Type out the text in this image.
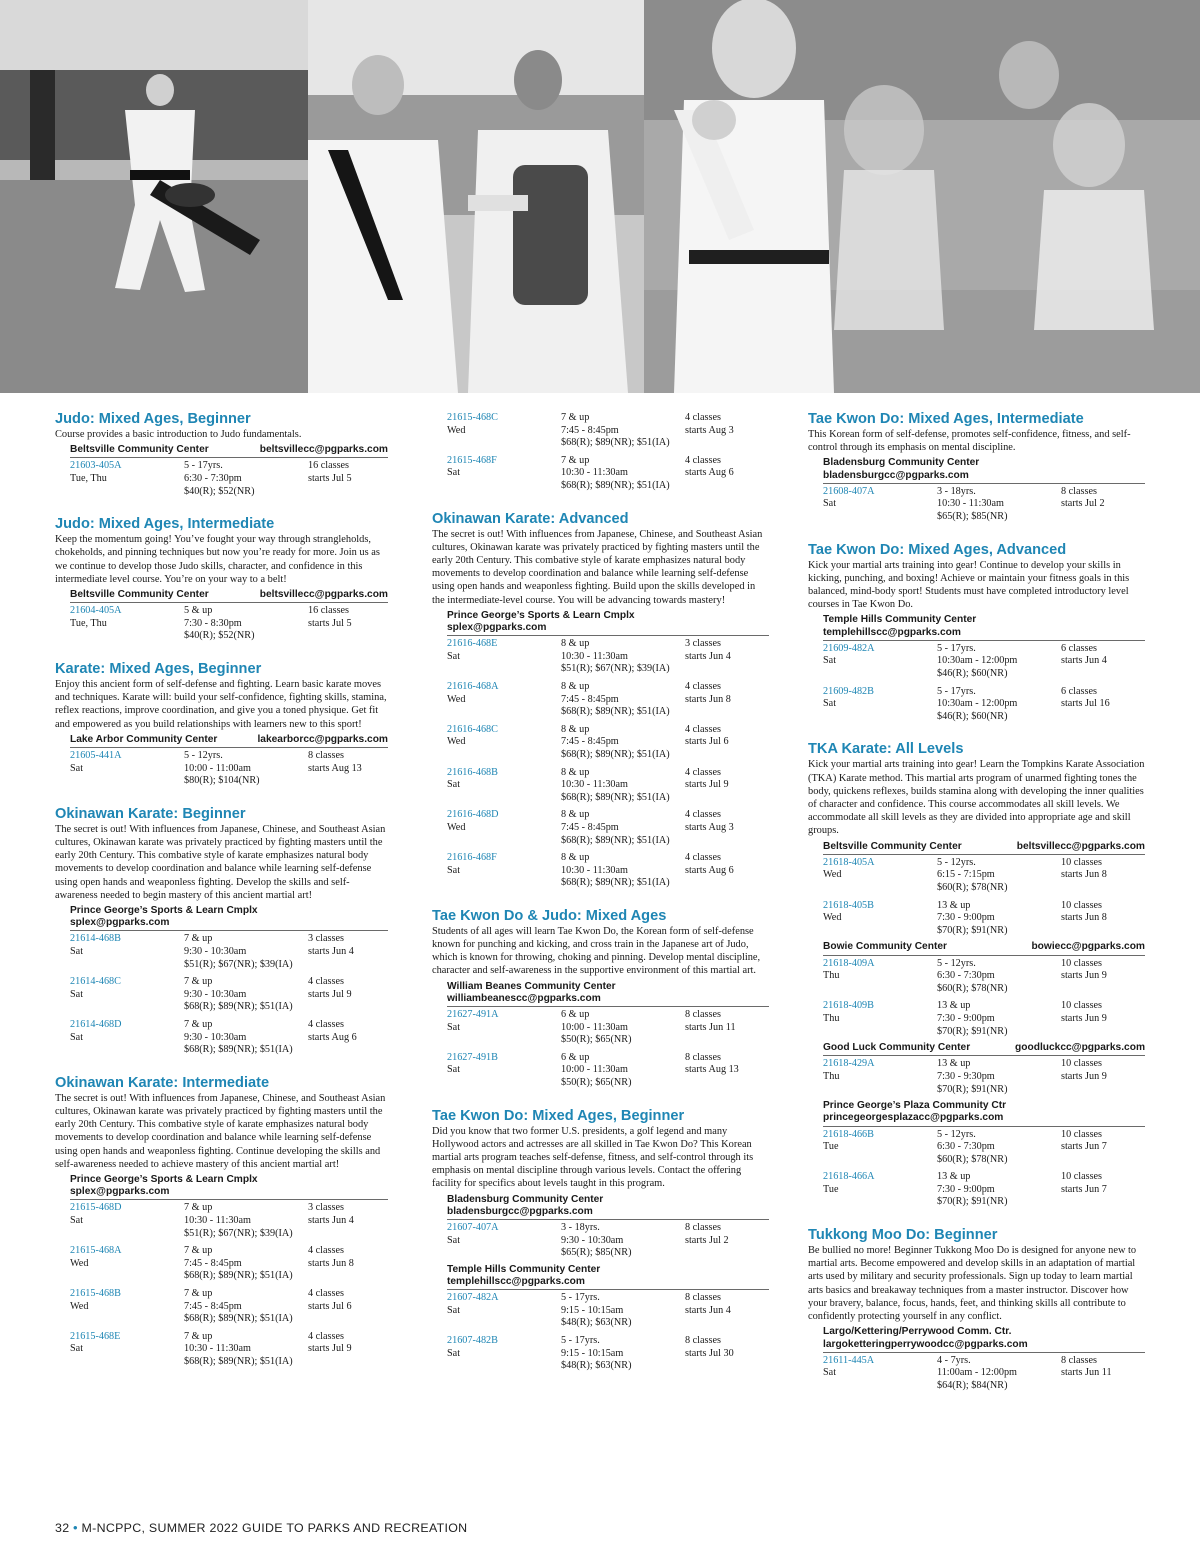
Judo: Mixed Ages, Beginner

Course provides a basic introduction to Judo fundamentals.

Beltsville Community Center	beltsvillecc@pgparks.com
21603-405A	5 - 17yrs.	16 classes
Tue, Thu	6:30 - 7:30pm	starts Jul 5
$40(R); $52(NR)
Judo: Mixed Ages, Intermediate

Keep the momentum going! You’ve fought your way through strangleholds, chokeholds, and pinning techniques but now you’re ready for more. Join us as we continue to develop those Judo skills, character, and confidence in this intermediate level course. You’re on your way to a belt!

Beltsville Community Center	beltsvillecc@pgparks.com
21604-405A	5 & up	16 classes
Tue, Thu	7:30 - 8:30pm	starts Jul 5
$40(R); $52(NR)
Karate: Mixed Ages, Beginner

Enjoy this ancient form of self-defense and fighting. Learn basic karate moves and techniques. Karate will: build your self-confidence, fighting skills, stamina, reflex reactions, improve coordination, and give you a toned physique. Get fit and empowered as you build relationships with learners new to this sport!

Lake Arbor Community Center	lakearborcc@pgparks.com
21605-441A	5 - 12yrs.	8 classes
Sat	10:00 - 11:00am	starts Aug 13
$80(R); $104(NR)
Okinawan Karate: Beginner

The secret is out! With influences from Japanese, Chinese, and Southeast Asian cultures, Okinawan karate was privately practiced by fighting masters until the early 20th Century. This combative style of karate emphasizes natural body movements to develop coordination and balance while learning self-defense using open hands and weaponless fighting. Develop the skills and self-awareness needed to begin mastery of this ancient martial art!

Prince George’s Sports & Learn Cmplx
splex@pgparks.com
21614-468B	7 & up	3 classes
Sat	9:30 - 10:30am	starts Jun 4
$51(R); $67(NR); $39(IA)
21614-468C	7 & up	4 classes
Sat	9:30 - 10:30am	starts Jul 9
$68(R); $89(NR); $51(IA)
21614-468D	7 & up	4 classes
Sat	9:30 - 10:30am	starts Aug 6
$68(R); $89(NR); $51(IA)
Okinawan Karate: Intermediate

The secret is out! With influences from Japanese, Chinese, and Southeast Asian cultures, Okinawan karate was privately practiced by fighting masters until the early 20th Century. This combative style of karate emphasizes natural body movements to develop coordination and balance while learning self-defense using open hands and weaponless fighting. Continue developing the skills and self-awareness needed to achieve mastery of this ancient martial art!

Prince George’s Sports & Learn Cmplx
splex@pgparks.com
21615-468D	7 & up	3 classes
Sat	10:30 - 11:30am	starts Jun 4
$51(R); $67(NR); $39(IA)
21615-468A	7 & up	4 classes
Wed	7:45 - 8:45pm	starts Jun 8
$68(R); $89(NR); $51(IA)
21615-468B	7 & up	4 classes
Wed	7:45 - 8:45pm	starts Jul 6
$68(R); $89(NR); $51(IA)
21615-468E	7 & up	4 classes
Sat	10:30 - 11:30am	starts Jul 9
$68(R); $89(NR); $51(IA)
21615-468C	7 & up	4 classes
Wed	7:45 - 8:45pm	starts Aug 3
$68(R); $89(NR); $51(IA)
21615-468F	7 & up	4 classes
Sat	10:30 - 11:30am	starts Aug 6
$68(R); $89(NR); $51(IA)
Okinawan Karate: Advanced

The secret is out! With influences from Japanese, Chinese, and Southeast Asian cultures, Okinawan karate was privately practiced by fighting masters until the early 20th Century. This combative style of karate emphasizes natural body movements to develop coordination and balance while learning self-defense using open hands and weaponless fighting. Build upon the skills developed in the intermediate-level course. You will be advancing towards mastery!

Prince George’s Sports & Learn Cmplx
splex@pgparks.com
21616-468E	8 & up	3 classes
Sat	10:30 - 11:30am	starts Jun 4
$51(R); $67(NR); $39(IA)
21616-468A	8 & up	4 classes
Wed	7:45 - 8:45pm	starts Jun 8
$68(R); $89(NR); $51(IA)
21616-468C	8 & up	4 classes
Wed	7:45 - 8:45pm	starts Jul 6
$68(R); $89(NR); $51(IA)
21616-468B	8 & up	4 classes
Sat	10:30 - 11:30am	starts Jul 9
$68(R); $89(NR); $51(IA)
21616-468D	8 & up	4 classes
Wed	7:45 - 8:45pm	starts Aug 3
$68(R); $89(NR); $51(IA)
21616-468F	8 & up	4 classes
Sat	10:30 - 11:30am	starts Aug 6
$68(R); $89(NR); $51(IA)
Tae Kwon Do & Judo: Mixed Ages

Students of all ages will learn Tae Kwon Do, the Korean form of self-defense known for punching and kicking, and cross train in the Japanese art of Judo, which is known for throwing, choking and pinning. Develop mental discipline, character and self-awareness in the supportive environment of this martial art.

William Beanes Community Center
williambeanescc@pgparks.com
21627-491A	6 & up	8 classes
Sat	10:00 - 11:30am	starts Jun 11
$50(R); $65(NR)
21627-491B	6 & up	8 classes
Sat	10:00 - 11:30am	starts Aug 13
$50(R); $65(NR)
Tae Kwon Do: Mixed Ages, Beginner

Did you know that two former U.S. presidents, a golf legend and many Hollywood actors and actresses are all skilled in Tae Kwon Do? This Korean martial arts program teaches self-defense, fitness, and self-control through its emphasis on mental discipline through various levels. Contact the offering facility for specifics about levels taught in this program.

Bladensburg Community Center
bladensburgcc@pgparks.com
21607-407A	3 - 18yrs.	8 classes
Sat	9:30 - 10:30am	starts Jul 2
$65(R); $85(NR)
Temple Hills Community Center
templehillscc@pgparks.com
21607-482A	5 - 17yrs.	8 classes
Sat	9:15 - 10:15am	starts Jun 4
$48(R); $63(NR)
21607-482B	5 - 17yrs.	8 classes
Sat	9:15 - 10:15am	starts Jul 30
$48(R); $63(NR)
Tae Kwon Do: Mixed Ages, Intermediate

This Korean form of self-defense, promotes self-confidence, fitness, and self-control through its emphasis on mental discipline.

Bladensburg Community Center
bladensburgcc@pgparks.com
21608-407A	3 - 18yrs.	8 classes
Sat	10:30 - 11:30am	starts Jul 2
$65(R); $85(NR)
Tae Kwon Do: Mixed Ages, Advanced

Kick your martial arts training into gear! Continue to develop your skills in kicking, punching, and boxing! Achieve or maintain your fitness goals in this balanced, mind-body sport! Students must have completed introductory level courses in Tae Kwon Do.

Temple Hills Community Center
templehillscc@pgparks.com
21609-482A	5 - 17yrs.	6 classes
Sat	10:30am - 12:00pm	starts Jun 4
$46(R); $60(NR)
21609-482B	5 - 17yrs.	6 classes
Sat	10:30am - 12:00pm	starts Jul 16
$46(R); $60(NR)
TKA Karate: All Levels

Kick your martial arts training into gear! Learn the Tompkins Karate Association (TKA) Karate method. This martial arts program of unarmed fighting tones the body, quickens reflexes, builds stamina along with developing the inner qualities of character and confidence. This course accommodates all skill levels. We accommodate all skill levels as they are divided into appropriate age and skill groups.

Beltsville Community Center	beltsvillecc@pgparks.com
21618-405A	5 - 12yrs.	10 classes
Wed	6:15 - 7:15pm	starts Jun 8
$60(R); $78(NR)
21618-405B	13 & up	10 classes
Wed	7:30 - 9:00pm	starts Jun 8
$70(R); $91(NR)
Bowie Community Center	bowiecc@pgparks.com
21618-409A	5 - 12yrs.	10 classes
Thu	6:30 - 7:30pm	starts Jun 9
$60(R); $78(NR)
21618-409B	13 & up	10 classes
Thu	7:30 - 9:00pm	starts Jun 9
$70(R); $91(NR)
Good Luck Community Center	goodluckcc@pgparks.com
21618-429A	13 & up	10 classes
Thu	7:30 - 9:30pm	starts Jun 9
$70(R); $91(NR)
Prince George’s Plaza Community Ctr
princegeorgesplazacc@pgparks.com
21618-466B	5 - 12yrs.	10 classes
Tue	6:30 - 7:30pm	starts Jun 7
$60(R); $78(NR)
21618-466A	13 & up	10 classes
Tue	7:30 - 9:00pm	starts Jun 7
$70(R); $91(NR)
Tukkong Moo Do: Beginner

Be bullied no more! Beginner Tukkong Moo Do is designed for anyone new to martial arts. Become empowered and develop skills in an adaptation of martial arts used by military and security professionals. Sign up today to learn martial arts basics and breakaway techniques from a master instructor. Discover how your bravery, balance, focus, hands, feet, and thinking skills all contribute to confidently protecting yourself in any conflict.

Largo/Kettering/Perrywood Comm. Ctr.
largoketteringperrywoodcc@pgparks.com
21611-445A	4 - 7yrs.	8 classes
Sat	11:00am - 12:00pm	starts Jun 11
$64(R); $84(NR)
32 • M-NCPPC, SUMMER 2022 GUIDE TO PARKS AND RECREATION
